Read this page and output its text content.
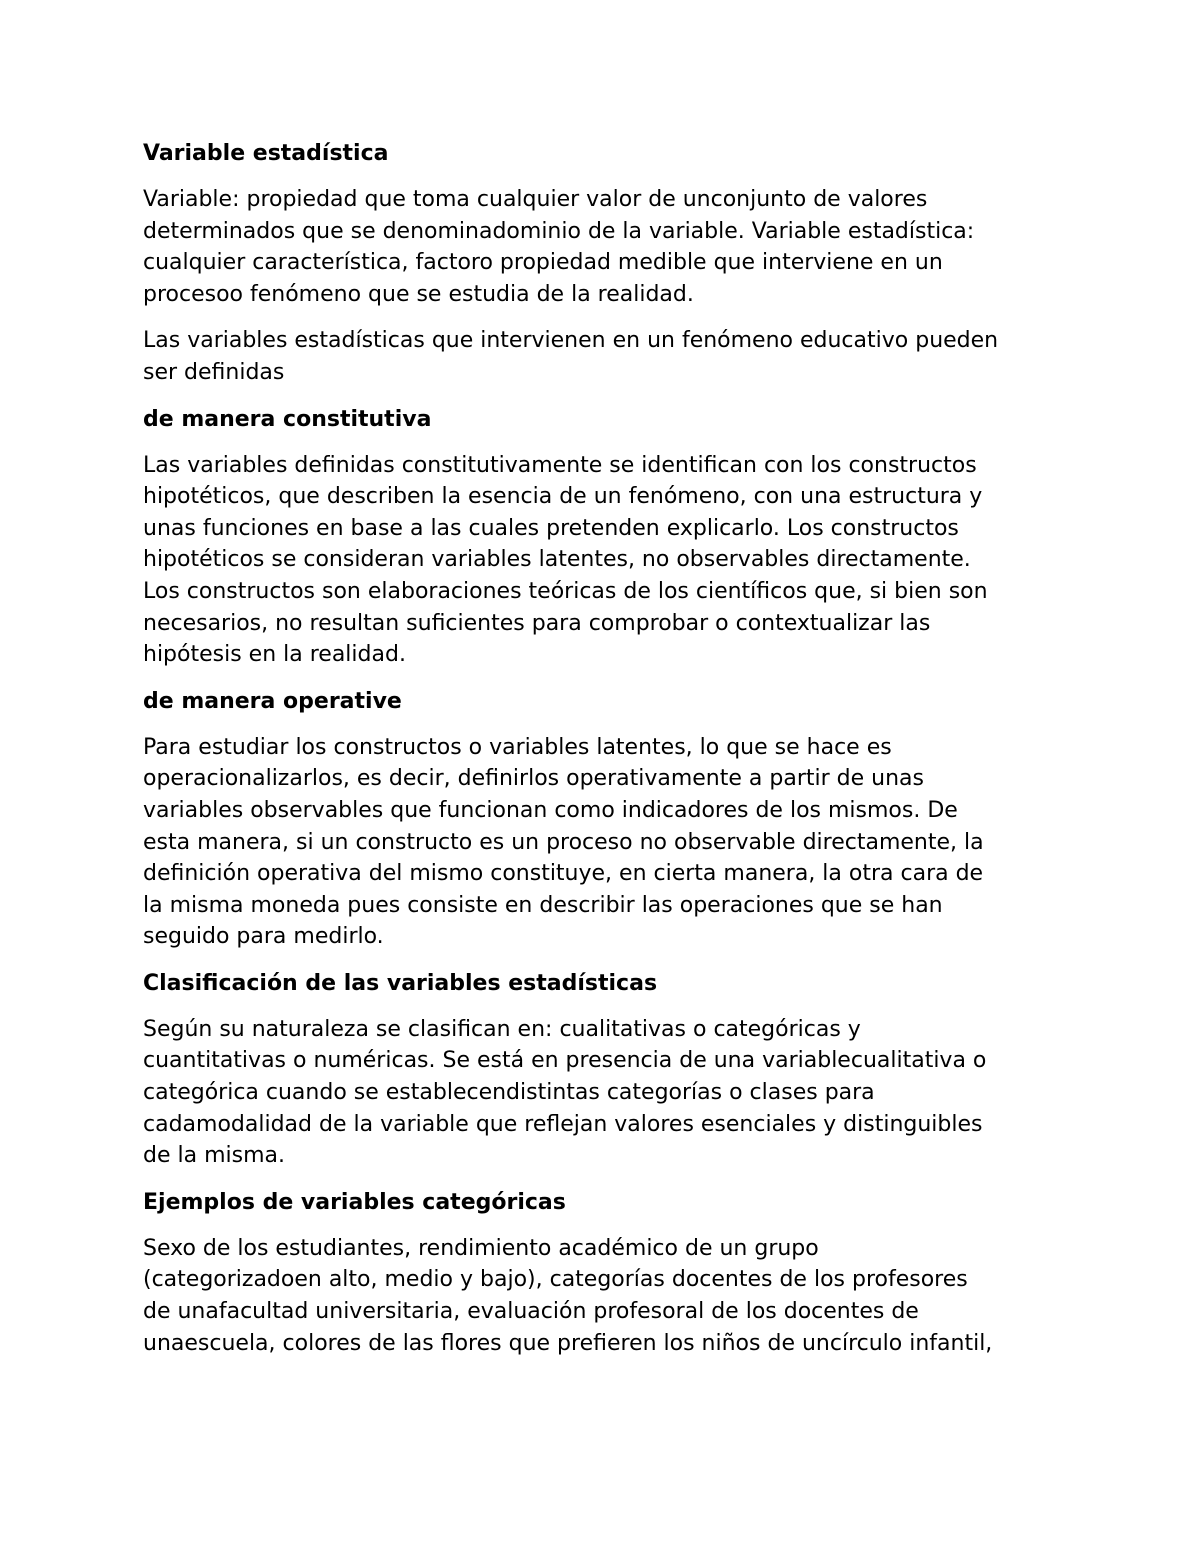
Variable estadística

Variable: propiedad que toma cualquier valor de unconjunto de valores
determinados que se denominadominio de la variable. Variable estadística:
cualquier característica, factoro propiedad medible que interviene en un
procesoo fenómeno que se estudia de la realidad.

Las variables estadísticas que intervienen en un fenómeno educativo pueden
ser definidas

de manera constitutiva

Las variables definidas constitutivamente se identifican con los constructos
hipotéticos, que describen la esencia de un fenómeno, con una estructura y
unas funciones en base a las cuales pretenden explicarlo. Los constructos
hipotéticos se consideran variables latentes, no observables directamente.
Los constructos son elaboraciones teóricas de los científicos que, si bien son
necesarios, no resultan suficientes para comprobar o contextualizar las
hipótesis en la realidad.

de manera operative

Para estudiar los constructos o variables latentes, lo que se hace es
operacionalizarlos, es decir, definirlos operativamente a partir de unas
variables observables que funcionan como indicadores de los mismos. De
esta manera, si un constructo es un proceso no observable directamente, la
definición operativa del mismo constituye, en cierta manera, la otra cara de
la misma moneda pues consiste en describir las operaciones que se han
seguido para medirlo.

Clasificación de las variables estadísticas

Según su naturaleza se clasifican en: cualitativas o categóricas y
cuantitativas o numéricas. Se está en presencia de una variablecualitativa o
categórica cuando se establecendistintas categorías o clases para
cadamodalidad de la variable que reflejan valores esenciales y distinguibles
de la misma.

Ejemplos de variables categóricas

Sexo de los estudiantes, rendimiento académico de un grupo
(categorizadoen alto, medio y bajo), categorías docentes de los profesores
de unafacultad universitaria, evaluación profesoral de los docentes de
unaescuela, colores de las flores que prefieren los niños de uncírculo infantil,
